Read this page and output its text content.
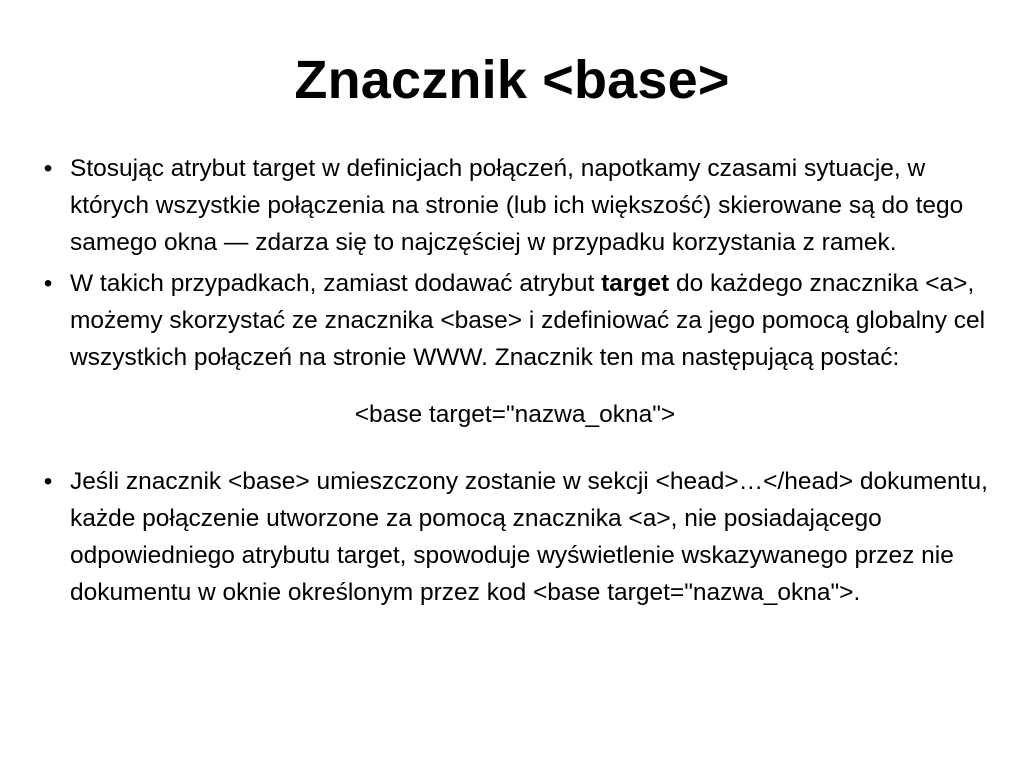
Znacznik <base>
• Stosując atrybut target w definicjach połączeń, napotkamy czasami sytuacje, w których wszystkie połączenia na stronie (lub ich większość) skierowane są do tego samego okna — zdarza się to najczęściej w przypadku korzystania z ramek.
• W takich przypadkach, zamiast dodawać atrybut target do każdego znacznika <a>, możemy skorzystać ze znacznika <base> i zdefiniować za jego pomocą globalny cel wszystkich połączeń na stronie WWW. Znacznik ten ma następującą postać:
<base target="nazwa_okna">
• Jeśli znacznik <base> umieszczony zostanie w sekcji <head>…</head> dokumentu, każde połączenie utworzone za pomocą znacznika <a>, nie posiadającego odpowiedniego atrybutu target, spowoduje wyświetlenie wskazywanego przez nie dokumentu w oknie określonym przez kod <base target="nazwa_okna">.
